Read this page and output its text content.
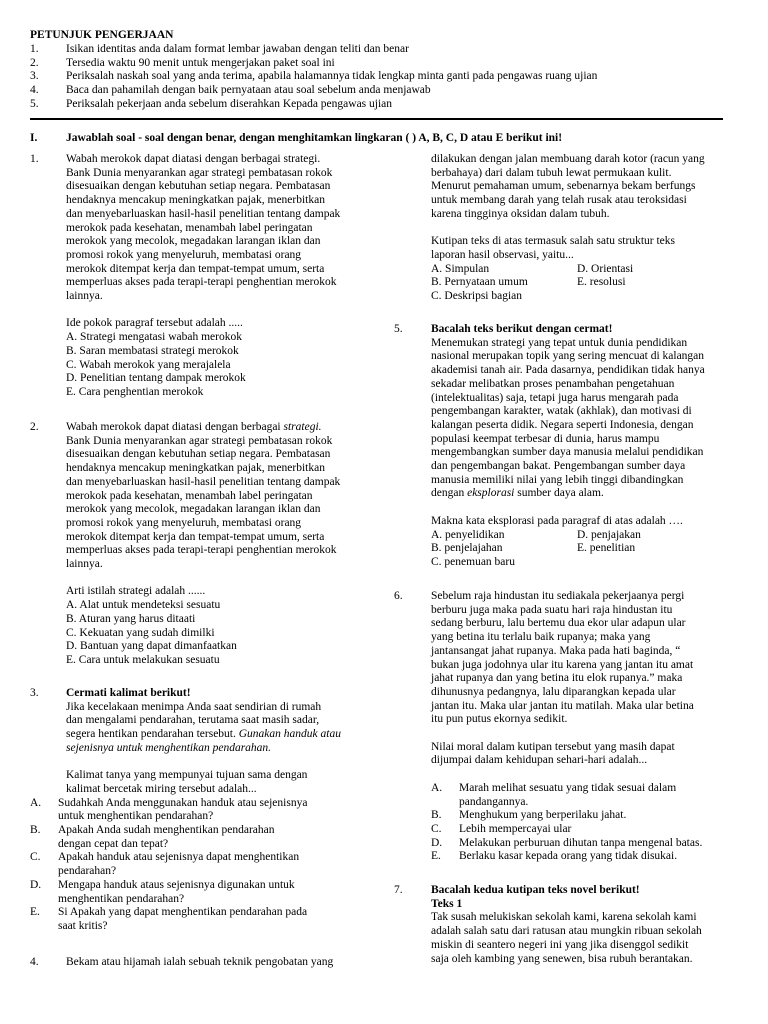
PETUNJUK PENGERJAAN
1. Isikan identitas anda dalam format lembar jawaban dengan teliti dan benar
2. Tersedia waktu 90 menit untuk mengerjakan paket soal ini
3. Periksalah naskah soal yang anda terima, apabila halamannya tidak lengkap minta ganti pada pengawas ruang ujian
4. Baca dan pahamilah dengan baik pernyataan atau soal sebelum anda menjawab
5. Periksalah pekerjaan anda sebelum diserahkan Kepada pengawas ujian
I. Jawablah soal - soal dengan benar, dengan menghitamkan lingkaran ( ) A, B, C, D atau E berikut ini!
1. Wabah merokok dapat diatasi dengan berbagai strategi.
Bank Dunia menyarankan agar strategi pembatasan rokok
disesuaikan dengan kebutuhan setiap negara. Pembatasan
hendaknya mencakup meningkatkan pajak, menerbitkan
dan menyebarluaskan hasil-hasil penelitian tentang dampak
merokok pada kesehatan, menambah label peringatan
merokok yang mecolok, megadakan larangan iklan dan
promosi rokok yang menyeluruh, membatasi orang
merokok ditempat kerja dan tempat-tempat umum, serta
memperluas akses pada terapi-terapi penghentian merokok
lainnya.
Ide pokok paragraf tersebut adalah .....
A. Strategi mengatasi wabah merokok
B. Saran membatasi strategi merokok
C. Wabah merokok yang merajalela
D. Penelitian tentang dampak merokok
E. Cara penghentian merokok
2. Wabah merokok dapat diatasi dengan berbagai strategi.
Bank Dunia menyarankan agar strategi pembatasan rokok
disesuaikan dengan kebutuhan setiap negara. Pembatasan
hendaknya mencakup meningkatkan pajak, menerbitkan
dan menyebarluaskan hasil-hasil penelitian tentang dampak
merokok pada kesehatan, menambah label peringatan
merokok yang mecolok, megadakan larangan iklan dan
promosi rokok yang menyeluruh, membatasi orang
merokok ditempat kerja dan tempat-tempat umum, serta
memperluas akses pada terapi-terapi penghentian merokok
lainnya.
Arti istilah strategi adalah ......
A. Alat untuk mendeteksi sesuatu
B. Aturan yang harus ditaati
C. Kekuatan yang sudah dimilki
D. Bantuan yang dapat dimanfaatkan
E. Cara untuk melakukan sesuatu
3. Cermati kalimat berikut!
Jika kecelakaan menimpa Anda saat sendirian di rumah
dan mengalami pendarahan, terutama saat masih sadar,
segera hentikan pendarahan tersebut. Gunakan handuk atau
sejenisnya untuk menghentikan pendarahan.
Kalimat tanya yang mempunyai tujuan sama dengan
kalimat bercetak miring tersebut adalah...
A.	Sudahkah Anda menggunakan handuk atau sejenisnya
untuk menghentikan pendarahan?
B.	Apakah Anda sudah menghentikan pendarahan
dengan cepat dan tepat?
C.	Apakah handuk atau sejenisnya dapat menghentikan
pendarahan?
D.	Mengapa handuk ataus sejenisnya digunakan untuk
menghentikan pendarahan?
E.	Si Apakah yang dapat menghentikan pendarahan pada
saat kritis?
4. Bekam atau hijamah ialah sebuah teknik pengobatan yang
dilakukan dengan jalan membuang darah kotor (racun yang
berbahaya) dari dalam tubuh lewat permukaan kulit.
Menurut pemahaman umum, sebenarnya bekam berfungs
untuk membang darah yang telah rusak atau teroksidasi
karena tingginya oksidan dalam tubuh.
Kutipan teks di atas termasuk salah satu struktur teks
laporan hasil observasi, yaitu...
A. Simpulan	D. Orientasi
B. Pernyataan umum	E. resolusi
C. Deskripsi bagian
5. Bacalah teks berikut dengan cermat!
Menemukan strategi yang tepat untuk dunia pendidikan
nasional merupakan topik yang sering mencuat di kalangan
akademisi tanah air. Pada dasarnya, pendidikan tidak hanya
sekadar melibatkan proses penambahan pengetahuan
(intelektualitas) saja, tetapi juga harus mengarah pada
pengembangan karakter, watak (akhlak), dan motivasi di
kalangan peserta didik. Negara seperti Indonesia, dengan
populasi keempat terbesar di dunia, harus mampu
mengembangkan sumber daya manusia melalui pendidikan
dan pengembangan bakat. Pengembangan sumber daya
manusia memiliki nilai yang lebih tinggi dibandingkan
dengan eksplorasi sumber daya alam.
Makna kata eksplorasi pada paragraf di atas adalah ….
A. penyelidikan	D. penjajakan
B. penjelajahan	E. penelitian
C. penemuan baru
6. Sebelum raja hindustan itu sediakala pekerjaanya pergi
berburu juga maka pada suatu hari raja hindustan itu
sedang berburu, lalu bertemu dua ekor ular adapun ular
yang betina itu terlalu baik rupanya; maka yang
jantansangat jahat rupanya. Maka pada hati baginda, “
bukan juga jodohnya ular itu karena yang jantan itu amat
jahat rupanya dan yang betina itu elok rupanya.” maka
dihunusnya pedangnya, lalu diparangkan kepada ular
jantan itu. Maka ular jantan itu matilah. Maka ular betina
itu pun putus ekornya sedikit.
Nilai moral dalam kutipan tersebut yang masih dapat
dijumpai dalam kehidupan sehari-hari adalah...
A.	Marah melihat sesuatu yang tidak sesuai dalam
pandangannya.
B.	Menghukum yang berperilaku jahat.
C.	Lebih mempercayai ular
D.	Melakukan perburuan dihutan tanpa mengenal batas.
E.	Berlaku kasar kepada orang yang tidak disukai.
7. Bacalah kedua kutipan teks novel berikut!
Teks 1
Tak susah melukiskan sekolah kami, karena sekolah kami
adalah salah satu dari ratusan atau mungkin ribuan sekolah
miskin di seantero negeri ini yang jika disenggol sedikit
saja oleh kambing yang senewen, bisa rubuh berantakan.
